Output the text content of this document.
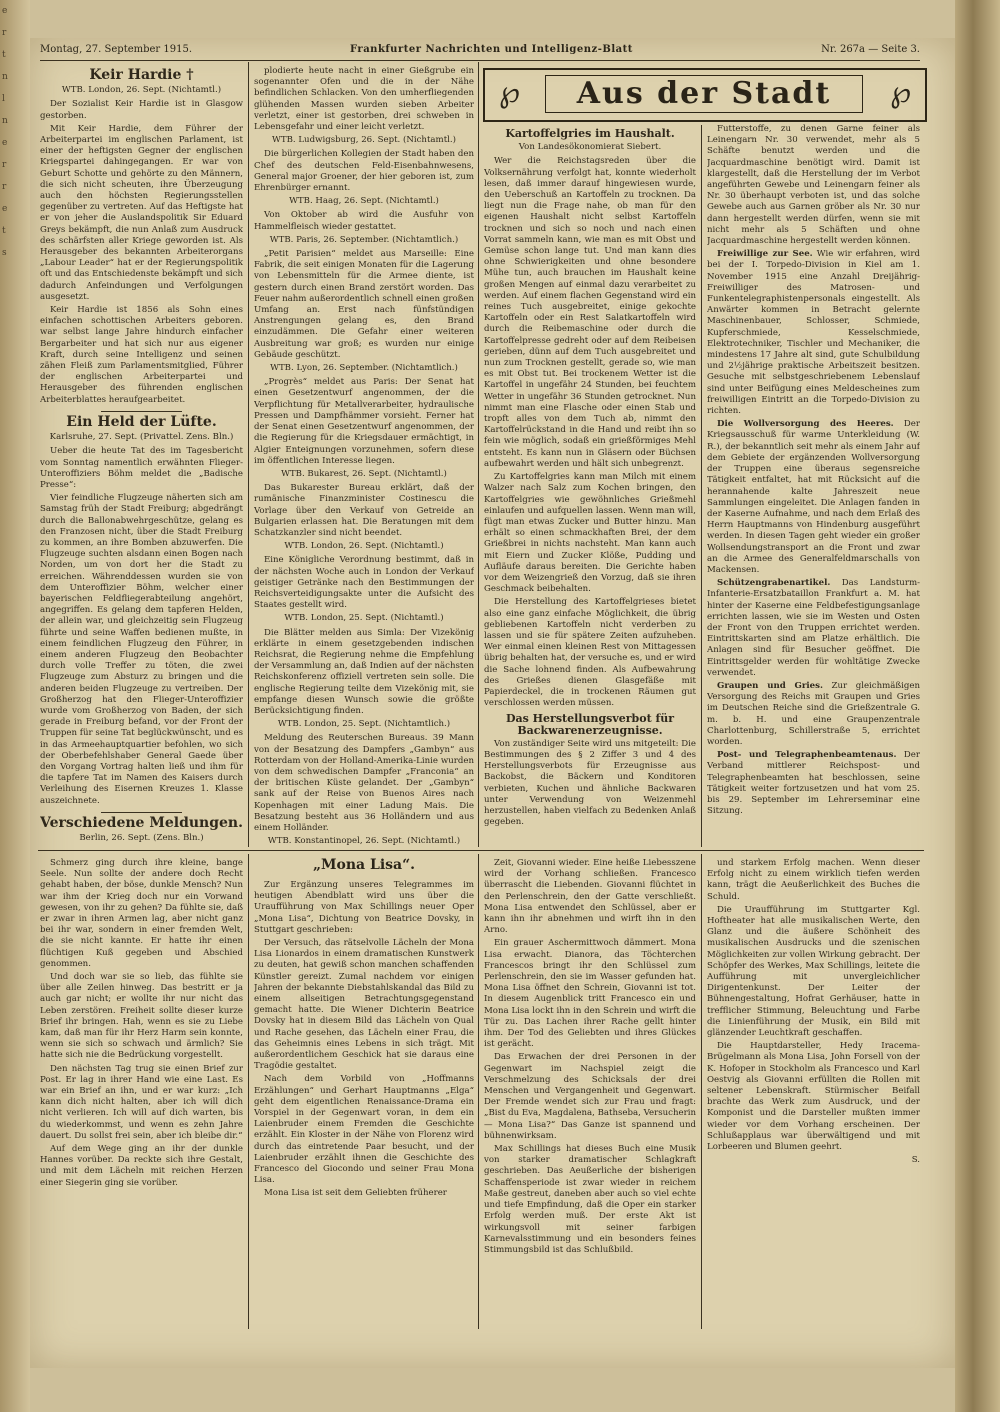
e
r
t
n
l
n
e
r
r
e
t
s
Montag, 27. September 1915.	Frankfurter Nachrichten und Intelligenz-Blatt	Nr. 267a — Seite 3.
℘	Aus der Stadt	℘
Keir Hardie †
WTB. London, 26. Sept. (Nichtamtl.)

Der Sozialist Keir Hardie ist in Glasgow gestorben.

Mit Keir Hardie, dem Führer der Arbeiterpartei im englischen Parlament, ist einer der heftigsten Gegner der englischen Kriegspartei dahingegangen. Er war von Geburt Schotte und gehörte zu den Männern, die sich nicht scheuten, ihre Überzeugung auch den höchsten Regierungsstellen gegenüber zu vertreten. Auf das Heftigste hat er von jeher die Auslandspolitik Sir Eduard Greys bekämpft, die nun Anlaß zum Ausdruck des schärfsten aller Kriege geworden ist. Als Herausgeber des bekannten Arbeiterorgans „Labour Leader“ hat er der Regierungspolitik oft und das Entschiedenste bekämpft und sich dadurch Anfeindungen und Verfolgungen ausgesetzt.

Keir Hardie ist 1856 als Sohn eines einfachen schottischen Arbeiters geboren. war selbst lange Jahre hindurch einfacher Bergarbeiter und hat sich nur aus eigener Kraft, durch seine Intelligenz und seinen zähen Fleiß zum Parlamentsmitglied, Führer der englischen Arbeiterpartei und Herausgeber des führenden englischen Arbeiterblattes heraufgearbeitet.

Ein Held der Lüfte.
Karlsruhe, 27. Sept. (Privattel. Zens. Bln.)

Ueber die heute Tat des im Tagesbericht vom Sonntag namentlich erwähnten Flieger-Unteroffiziers Böhm meldet die „Badische Presse“:

Vier feindliche Flugzeuge näherten sich am Samstag früh der Stadt Freiburg; abgedrängt durch die Ballonabwehrgeschütze, gelang es den Franzosen nicht, über die Stadt Freiburg zu kommen, an ihre Bomben abzuwerfen. Die Flugzeuge suchten alsdann einen Bogen nach Norden, um von dort her die Stadt zu erreichen. Währenddessen wurden sie von dem Unteroffizier Böhm, welcher einer bayerischen Feldfliegerabteilung angehört, angegriffen. Es gelang dem tapferen Helden, der allein war, und gleichzeitig sein Flugzeug führte und seine Waffen bedienen mußte, in einem feindlichen Flugzeug den Führer, in einem anderen Flugzeug den Beobachter durch volle Treffer zu töten, die zwei Flugzeuge zum Absturz zu bringen und die anderen beiden Flugzeuge zu vertreiben. Der Großherzog hat den Flieger-Unteroffizier wurde vom Großherzog von Baden, der sich gerade in Freiburg befand, vor der Front der Truppen für seine Tat beglückwünscht, und es in das Armeehauptquartier befohlen, wo sich der Oberbefehlshaber General Gaede über den Vorgang Vortrag halten ließ und ihm für die tapfere Tat im Namen des Kaisers durch Verleihung des Eisernen Kreuzes 1. Klasse auszeichnete.

Verschiedene Meldungen.
Berlin, 26. Sept. (Zens. Bln.)

plodierte heute nacht in einer Gießgrube ein sogenannter Ofen und die in der Nähe befindlichen Schlacken. Von den umherfliegenden glühenden Massen wurden sieben Arbeiter verletzt, einer ist gestorben, drei schweben in Lebensgefahr und einer leicht verletzt.

WTB. Ludwigsburg, 26. Sept. (Nichtamtl.)

Die bürgerlichen Kollegien der Stadt haben den Chef des deutschen Feld-Eisenbahnwesens, General major Groener, der hier geboren ist, zum Ehrenbürger ernannt.

WTB. Haag, 26. Sept. (Nichtamtl.)

Von Oktober ab wird die Ausfuhr von Hammelfleisch wieder gestattet.

WTB. Paris, 26. September. (Nichtamtlich.)

„Petit Parisien“ meldet aus Marseille: Eine Fabrik, die seit einigen Monaten für die Lagerung von Lebensmitteln für die Armee diente, ist gestern durch einen Brand zerstört worden. Das Feuer nahm außerordentlich schnell einen großen Umfang an. Erst nach fünfstündigen Anstrengungen gelang es, den Brand einzudämmen. Die Gefahr einer weiteren Ausbreitung war groß; es wurden nur einige Gebäude geschützt.

WTB. Lyon, 26. September. (Nichtamtlich.)

„Progrès“ meldet aus Paris: Der Senat hat einen Gesetzentwurf angenommen, der die Verpflichtung für Metallverarbeiter, hydraulische Pressen und Dampfhämmer vorsieht. Ferner hat der Senat einen Gesetzentwurf angenommen, der die Regierung für die Kriegsdauer ermächtigt, in Algier Enteignungen vorzunehmen, sofern diese im öffentlichen Interesse liegen.

WTB. Bukarest, 26. Sept. (Nichtamtl.)

Das Bukarester Bureau erklärt, daß der rumänische Finanzminister Costinescu die Vorlage über den Verkauf von Getreide an Bulgarien erlassen hat. Die Beratungen mit dem Schatzkanzler sind nicht beendet.

WTB. London, 26. Sept. (Nichtamtl.)

Eine Königliche Verordnung bestimmt, daß in der nächsten Woche auch in London der Verkauf geistiger Getränke nach den Bestimmungen der Reichsverteidigungsakte unter die Aufsicht des Staates gestellt wird.

WTB. London, 25. Sept. (Nichtamtl.)

Die Blätter melden aus Simla: Der Vizekönig erklärte in einem gesetzgebenden indischen Reichsrat, die Regierung nehme die Empfehlung der Versammlung an, daß Indien auf der nächsten Reichskonferenz offiziell vertreten sein solle. Die englische Regierung teilte dem Vizekönig mit, sie empfange diesen Wunsch sowie die größte Berücksichtigung finden.

WTB. London, 25. Sept. (Nichtamtlich.)

Meldung des Reuterschen Bureaus. 39 Mann von der Besatzung des Dampfers „Gambyn“ aus Rotterdam von der Holland-Amerika-Linie wurden von dem schwedischen Dampfer „Franconia“ an der britischen Küste gelandet. Der „Gambyn“ sank auf der Reise von Buenos Aires nach Kopenhagen mit einer Ladung Mais. Die Besatzung besteht aus 36 Holländern und aus einem Holländer.

WTB. Konstantinopel, 26. Sept. (Nichtamtl.)

Kartoffelgries im Haushalt.
Von Landesökonomierat Siebert.

Wer die Reichstagsreden über die Volksernährung verfolgt hat, konnte wiederholt lesen, daß immer darauf hingewiesen wurde, den Ueberschuß an Kartoffeln zu trocknen. Da liegt nun die Frage nahe, ob man für den eigenen Haushalt nicht selbst Kartoffeln trocknen und sich so noch und nach einen Vorrat sammeln kann, wie man es mit Obst und Gemüse schon lange tut. Und man kann dies ohne Schwierigkeiten und ohne besondere Mühe tun, auch brauchen im Haushalt keine großen Mengen auf einmal dazu verarbeitet zu werden. Auf einem flachen Gegenstand wird ein reines Tuch ausgebreitet, einige gekochte Kartoffeln oder ein Rest Salatkartoffeln wird durch die Reibemaschine oder durch die Kartoffelpresse gedreht oder auf dem Reibeisen gerieben, dünn auf dem Tuch ausgebreitet und nun zum Trocknen gestellt, gerade so, wie man es mit Obst tut. Bei trockenem Wetter ist die Kartoffel in ungefähr 24 Stunden, bei feuchtem Wetter in ungefähr 36 Stunden getrocknet. Nun nimmt man eine Flasche oder einen Stab und tropft alles von dem Tuch ab, nimmt den Kartoffelrückstand in die Hand und reibt ihn so fein wie möglich, sodaß ein grießförmiges Mehl entsteht. Es kann nun in Gläsern oder Büchsen aufbewahrt werden und hält sich unbegrenzt.

Zu Kartoffelgries kann man Milch mit einem Walzer nach Salz zum Kochen bringen, den Kartoffelgries wie gewöhnliches Grießmehl einlaufen und aufquellen lassen. Wenn man will, fügt man etwas Zucker und Butter hinzu. Man erhält so einen schmackhaften Brei, der dem Grießbrei in nichts nachsteht. Man kann auch mit Eiern und Zucker Klöße, Pudding und Aufläufe daraus bereiten. Die Gerichte haben vor dem Weizengrieß den Vorzug, daß sie ihren Geschmack beibehalten.

Die Herstellung des Kartoffelgrieses bietet also eine ganz einfache Möglichkeit, die übrig gebliebenen Kartoffeln nicht verderben zu lassen und sie für spätere Zeiten aufzuheben. Wer einmal einen kleinen Rest von Mittagessen übrig behalten hat, der versuche es, und er wird die Sache lohnend finden. Als Aufbewahrung des Grießes dienen Glasgefäße mit Papierdeckel, die in trockenen Räumen gut verschlossen werden müssen.

Das Herstellungsverbot für Backwarenerzeugnisse.

Von zuständiger Seite wird uns mitgeteilt: Die Bestimmungen des § 2 Ziffer 3 und 4 des Herstellungsverbots für Erzeugnisse aus Backobst, die Bäckern und Konditoren verbieten, Kuchen und ähnliche Backwaren unter Verwendung von Weizenmehl herzustellen, haben vielfach zu Bedenken Anlaß gegeben.

Futterstoffe, zu denen Garne feiner als Leinengarn Nr. 30 verwendet, mehr als 5 Schäfte benutzt werden und die Jacquardmaschine benötigt wird. Damit ist klargestellt, daß die Herstellung der im Verbot angeführten Gewebe und Leinengarn feiner als Nr. 30 überhaupt verboten ist, und das solche Gewebe auch aus Garnen gröber als Nr. 30 nur dann hergestellt werden dürfen, wenn sie mit nicht mehr als 5 Schäften und ohne Jacquardmaschine hergestellt werden können.

Freiwillige zur See. Wie wir erfahren, wird bei der I. Torpedo-Division in Kiel am 1. November 1915 eine Anzahl Dreijährig-Freiwilliger des Matrosen- und Funkentelegraphistenpersonals eingestellt. Als Anwärter kommen in Betracht gelernte Maschinenbauer, Schlosser, Schmiede, Kupferschmiede, Kesselschmiede, Elektrotechniker, Tischler und Mechaniker, die mindestens 17 Jahre alt sind, gute Schulbildung und 2½jährige praktische Arbeitszeit besitzen. Gesuche mit selbstgeschriebenem Lebenslauf sind unter Beifügung eines Meldescheines zum freiwilligen Eintritt an die Torpedo-Division zu richten.

Die Wollversorgung des Heeres. Der Kriegsausschuß für warme Unterkleidung (W. R.), der bekanntlich seit mehr als einem Jahr auf dem Gebiete der ergänzenden Wollversorgung der Truppen eine überaus segensreiche Tätigkeit entfaltet, hat mit Rücksicht auf die herannahende kalte Jahreszeit neue Sammlungen eingeleitet. Die Anlagen fanden in der Kaserne Aufnahme, und nach dem Erlaß des Herrn Hauptmanns von Hindenburg ausgeführt werden. In diesen Tagen geht wieder ein großer Wollsendungstransport an die Front und zwar an die Armee des Generalfeldmarschalls von Mackensen.

Schützengrabenartikel. Das Landsturm-Infanterie-Ersatzbataillon Frankfurt a. M. hat hinter der Kaserne eine Feldbefestigungsanlage errichten lassen, wie sie im Westen und Osten der Front von den Truppen errichtet werden. Eintrittskarten sind am Platze erhältlich. Die Anlagen sind für Besucher geöffnet. Die Eintrittsgelder werden für wohltätige Zwecke verwendet.

Graupen und Gries. Zur gleichmäßigen Versorgung des Reichs mit Graupen und Gries im Deutschen Reiche sind die Grießzentrale G. m. b. H. und eine Graupenzentrale Charlottenburg, Schillerstraße 5, errichtet worden.

Post- und Telegraphenbeamtenaus. Der Verband mittlerer Reichspost- und Telegraphenbeamten hat beschlossen, seine Tätigkeit weiter fortzusetzen und hat vom 25. bis 29. September im Lehrerseminar eine Sitzung.

Schmerz ging durch ihre kleine, bange Seele. Nun sollte der andere doch Recht gehabt haben, der böse, dunkle Mensch? Nun war ihm der Krieg doch nur ein Vorwand gewesen, von ihr zu gehen? Da fühlte sie, daß er zwar in ihren Armen lag, aber nicht ganz bei ihr war, sondern in einer fremden Welt, die sie nicht kannte. Er hatte ihr einen flüchtigen Kuß gegeben und Abschied genommen.

Und doch war sie so lieb, das fühlte sie über alle Zeilen hinweg. Das bestritt er ja auch gar nicht; er wollte ihr nur nicht das Leben zerstören. Freiheit sollte dieser kurze Brief ihr bringen. Hah, wenn es sie zu Liebe kam, daß man für ihr Herz Harm sein konnte, wenn sie sich so schwach und ärmlich? Sie hatte sich nie die Bedrückung vorgestellt.

Den nächsten Tag trug sie einen Brief zur Post. Er lag in ihrer Hand wie eine Last. Es war ein Brief an ihn, und er war kurz: „Ich kann dich nicht halten, aber ich will dich nicht verlieren. Ich will auf dich warten, bis du wiederkommst, und wenn es zehn Jahre dauert. Du sollst frei sein, aber ich bleibe dir.“

Auf dem Wege ging an ihr der dunkle Hannes vorüber. Da reckte sich ihre Gestalt, und mit dem Lächeln mit reichen Herzen einer Siegerin ging sie vorüber.

„Mona Lisa“.

Zur Ergänzung unseres Telegrammes im heutigen Abendblatt wird uns über die Uraufführung von Max Schillings neuer Oper „Mona Lisa“, Dichtung von Beatrice Dovsky, in Stuttgart geschrieben:

Der Versuch, das rätselvolle Lächeln der Mona Lisa Lionardos in einem dramatischen Kunstwerk zu deuten, hat gewiß schon manchen schaffenden Künstler gereizt. Zumal nachdem vor einigen Jahren der bekannte Diebstahlskandal das Bild zu einem allseitigen Betrachtungsgegenstand gemacht hatte. Die Wiener Dichterin Beatrice Dovsky hat in diesem Bild das Lächeln von Qual und Rache gesehen, das Lächeln einer Frau, die das Geheimnis eines Lebens in sich trägt. Mit außerordentlichem Geschick hat sie daraus eine Tragödie gestaltet.

Nach dem Vorbild von „Hoffmanns Erzählungen“ und Gerhart Hauptmanns „Elga“ geht dem eigentlichen Renaissance-Drama ein Vorspiel in der Gegenwart voran, in dem ein Laienbruder einem Fremden die Geschichte erzählt. Ein Kloster in der Nähe von Florenz wird durch das eintretende Paar besucht, und der Laienbruder erzählt ihnen die Geschichte des Francesco del Giocondo und seiner Frau Mona Lisa.

Mona Lisa ist seit dem Geliebten früherer

Zeit, Giovanni wieder. Eine heiße Liebesszene wird der Vorhang schließen. Francesco überrascht die Liebenden. Giovanni flüchtet in den Perlenschrein, den der Gatte verschließt. Mona Lisa entwendet den Schlüssel, aber er kann ihn ihr abnehmen und wirft ihn in den Arno.

Ein grauer Aschermittwoch dämmert. Mona Lisa erwacht. Dianora, das Töchterchen Francescos bringt ihr den Schlüssel zum Perlenschrein, den sie im Wasser gefunden hat. Mona Lisa öffnet den Schrein, Giovanni ist tot. In diesem Augenblick tritt Francesco ein und Mona Lisa lockt ihn in den Schrein und wirft die Tür zu. Das Lachen ihrer Rache gellt hinter ihm. Der Tod des Geliebten und ihres Glückes ist gerächt.

Das Erwachen der drei Personen in der Gegenwart im Nachspiel zeigt die Verschmelzung des Schicksals der drei Menschen und Vergangenheit und Gegenwart. Der Fremde wendet sich zur Frau und fragt: „Bist du Eva, Magdalena, Bathseba, Versucherin — Mona Lisa?“ Das Ganze ist spannend und bühnenwirksam.

Max Schillings hat dieses Buch eine Musik von starker dramatischer Schlagkraft geschrieben. Das Aeußerliche der bisherigen Schaffensperiode ist zwar wieder in reichem Maße gestreut, daneben aber auch so viel echte und tiefe Empfindung, daß die Oper ein starker Erfolg werden muß. Der erste Akt ist wirkungsvoll mit seiner farbigen Karnevalsstimmung und ein besonders feines Stimmungsbild ist das Schlußbild.

und starkem Erfolg machen. Wenn dieser Erfolg nicht zu einem wirklich tiefen werden kann, trägt die Aeußerlichkeit des Buches die Schuld.

Die Uraufführung im Stuttgarter Kgl. Hoftheater hat alle musikalischen Werte, den Glanz und die äußere Schönheit des musikalischen Ausdrucks und die szenischen Möglichkeiten zur vollen Wirkung gebracht. Der Schöpfer des Werkes, Max Schillings, leitete die Aufführung mit unvergleichlicher Dirigentenkunst. Der Leiter der Bühnengestaltung, Hofrat Gerhäuser, hatte in trefflicher Stimmung, Beleuchtung und Farbe die Linienführung der Musik, ein Bild mit glänzender Leuchtkraft geschaffen.

Die Hauptdarsteller, Hedy Iracema-Brügelmann als Mona Lisa, John Forsell von der K. Hofoper in Stockholm als Francesco und Karl Oestvig als Giovanni erfüllten die Rollen mit seltener Lebenskraft. Stürmischer Beifall brachte das Werk zum Ausdruck, und der Komponist und die Darsteller mußten immer wieder vor dem Vorhang erscheinen. Der Schlußapplaus war überwältigend und mit Lorbeeren und Blumen geehrt.

S.
